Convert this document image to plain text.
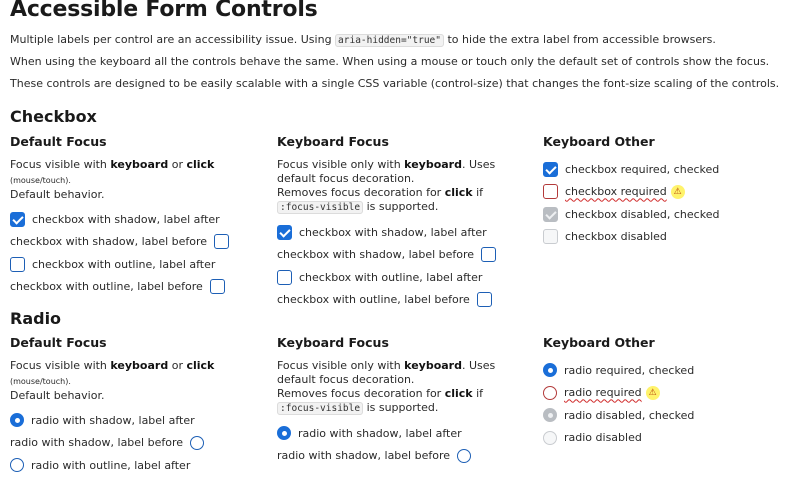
Accessible Form Controls

Multiple labels per control are an accessibility issue. Using aria-hidden="true" to hide the extra label from accessible browsers.

When using the keyboard all the controls behave the same. When using a mouse or touch only the default set of controls show the focus.

These controls are designed to be easily scalable with a single CSS variable (control-size) that changes the font-size scaling of the controls.

Checkbox
Default Focus

Focus visible with keyboard or click (mouse/touch).
Default behavior.

checkbox with shadow, label after
checkbox with shadow, label before
checkbox with outline, label after
checkbox with outline, label before
Keyboard Focus

Focus visible only with keyboard. Uses default focus decoration.
Removes focus decoration for click if :focus-visible is supported.

checkbox with shadow, label after
checkbox with shadow, label before
checkbox with outline, label after
checkbox with outline, label before
Keyboard Other
checkbox required, checked
checkbox required ⚠
checkbox disabled, checked
checkbox disabled
Radio
Default Focus

Focus visible with keyboard or click (mouse/touch).
Default behavior.

radio with shadow, label after
radio with shadow, label before
radio with outline, label after
Keyboard Focus

Focus visible only with keyboard. Uses default focus decoration.
Removes focus decoration for click if :focus-visible is supported.

radio with shadow, label after
radio with shadow, label before
Keyboard Other
radio required, checked
radio required ⚠
radio disabled, checked
radio disabled
